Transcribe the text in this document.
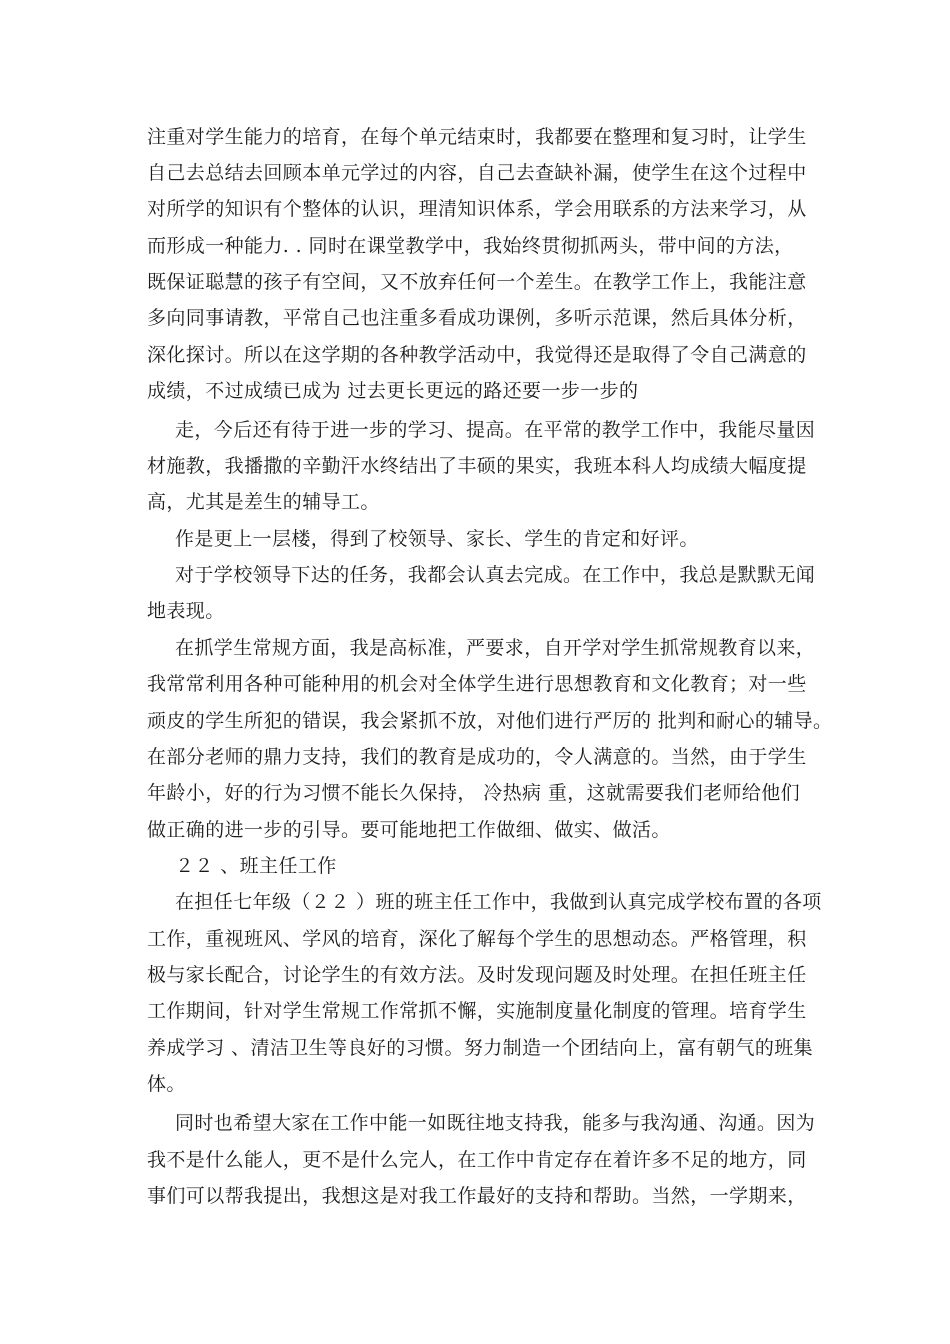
注重对学生能力的培育，在每个单元结束时，我都要在整理和复习时，让学生
自己去总结去回顾本单元学过的内容，自己去查缺补漏，使学生在这个过程中
对所学的知识有个整体的认识，理清知识体系，学会用联系的方法来学习，从
而形成一种能力. . 同时在课堂教学中，我始终贯彻抓两头，带中间的方法，
既保证聪慧的孩子有空间，又不放弃任何一个差生。在教学工作上，我能注意
多向同事请教，平常自己也注重多看成功课例，多听示范课，然后具体分析，
深化探讨。所以在这学期的各种教学活动中，我觉得还是取得了令自己满意的
成绩，不过成绩已成为 过去更长更远的路还要一步一步的
走，今后还有待于进一步的学习、提高。在平常的教学工作中，我能尽量因
材施教，我播撒的辛勤汗水终结出了丰硕的果实，我班本科人均成绩大幅度提
高，尤其是差生的辅导工。
作是更上一层楼，得到了校领导、家长、学生的肯定和好评。
对于学校领导下达的任务，我都会认真去完成。在工作中，我总是默默无闻
地表现。
在抓学生常规方面，我是高标准，严要求，自开学对学生抓常规教育以来，
我常常利用各种可能种用的机会对全体学生进行思想教育和文化教育；对一些
顽皮的学生所犯的错误，我会紧抓不放，对他们进行严厉的 批判和耐心的辅导。
在部分老师的鼎力支持，我们的教育是成功的，令人满意的。当然，由于学生
年龄小，好的行为习惯不能长久保持， 冷热病 重，这就需要我们老师给他们
做正确的进一步的引导。要可能地把工作做细、做实、做活。
２２ 、班主任工作
在担任七年级（２２ ）班的班主任工作中，我做到认真完成学校布置的各项
工作，重视班风、学风的培育，深化了解每个学生的思想动态。严格管理，积
极与家长配合，讨论学生的有效方法。及时发现问题及时处理。在担任班主任
工作期间，针对学生常规工作常抓不懈，实施制度量化制度的管理。培育学生
养成学习 、清洁卫生等良好的习惯。努力制造一个团结向上，富有朝气的班集
体。
同时也希望大家在工作中能一如既往地支持我，能多与我沟通、沟通。因为
我不是什么能人，更不是什么完人，在工作中肯定存在着许多不足的地方，同
事们可以帮我提出，我想这是对我工作最好的支持和帮助。当然，一学期来，
